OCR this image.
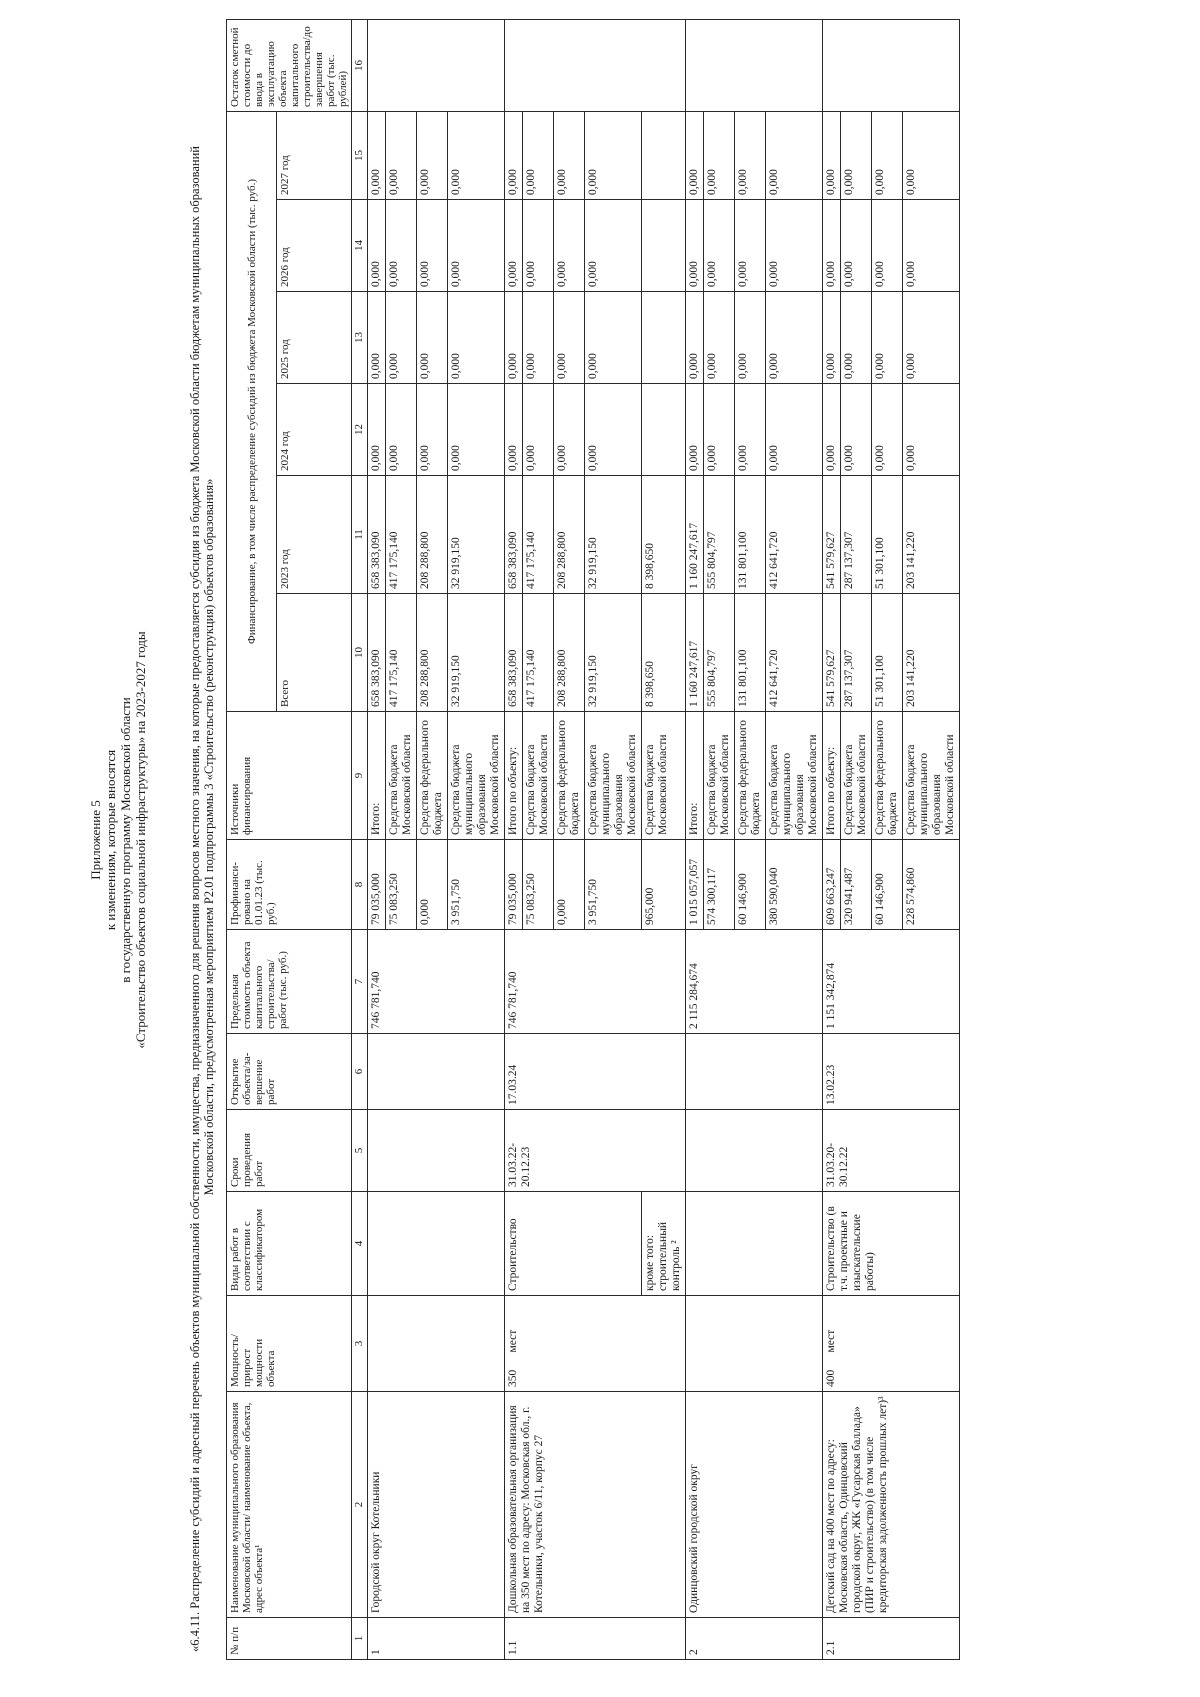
Приложение 5 к изменениям, которые вносятся в государственную программу Московской области «Строительство объектов социальной инфраструктуры» на 2023-2027 годы	«6.4.11. Распределение субсидий и адресный перечень объектов муниципальной собственности, имущества, предназначенного для решения вопросов местного значения, на которые предоставляется субсидия из бюджета Московской области бюджетам муниципальных образований Московской области, предусмотренная мероприятием Р2.01 подпрограммы 3 «Строительство (реконструкция) объектов образования»
№ п/п	Наименование муниципального образования Московской области/ наименование объекта, адрес объекта¹	Мощность/ прирост мощности объекта	Виды работ в соответствии с классификатором	Сроки проведения работ	Открытие объекта/за-вершение работ	Предельная стоимость объекта капитального строительства/ работ (тыс. руб.)	Профинанси-ровано на 01.01.23 (тыс. руб.)	Источники финансирования	Финансирование, в том числе распределение субсидий из бюджета Московской области (тыс. руб.)						Остаток сметной стоимости до ввода в эксплуатацию объекта капитального строительства/до завершения работ (тыс. рублей)
									Всего	2023 год	2024 год	2025 год	2026 год	2027 год	
1	2	3	4	5	6	7	8	9	10	11	12	13	14	15	16
1	Городской округ Котельники					746 781,740	79 035,000	Итого:	658 383,090	658 383,090	0,000	0,000	0,000	0,000	
							75 083,250	Средства бюджета Московской области	417 175,140	417 175,140	0,000	0,000	0,000	0,000	
							0,000	Средства федерального бюджета	208 288,800	208 288,800	0,000	0,000	0,000	0,000	
							3 951,750	Средства бюджета муниципального образования Московской области	32 919,150	32 919,150	0,000	0,000	0,000	0,000	
1.1	Дошкольная образовательная организация на 350 мест по адресу: Московская обл., г. Котельники, участок 6/11, корпус 27	350      мест	Строительство	31.03.22- 20.12.23	17.03.24	746 781,740	79 035,000	Итого по объекту:	658 383,090	658 383,090	0,000	0,000	0,000	0,000	
							75 083,250	Средства бюджета Московской области	417 175,140	417 175,140	0,000	0,000	0,000	0,000	
							0,000	Средства федерального бюджета	208 288,800	208 288,800	0,000	0,000	0,000	0,000	
							3 951,750	Средства бюджета муниципального образования Московской области	32 919,150	32 919,150	0,000	0,000	0,000	0,000	
			кроме того: строительный контроль ²				965,000	Средства бюджета Московской области	8 398,650	8 398,650					
2	Одинцовский городской округ					2 115 284,674	1 015 057,057	Итого:	1 160 247,617	1 160 247,617	0,000	0,000	0,000	0,000	
							574 300,117	Средства бюджета Московской области	555 804,797	555 804,797	0,000	0,000	0,000	0,000	
							60 146,900	Средства федерального бюджета	131 801,100	131 801,100	0,000	0,000	0,000	0,000	
							380 590,040	Средства бюджета муниципального образования Московской области	412 641,720	412 641,720	0,000	0,000	0,000	0,000	
2.1	Детский сад на 400 мест по адресу: Московская область, Одинцовский городской округ, ЖК «Гусарская баллада» (ПИР и строительство) (в том числе кредиторская задолженность прошлых лет)³	400      мест	Строительство (в т.ч. проектные и изыскательские работы)	31.03.20- 30.12.22	13.02.23	1 151 342,874	609 663,247	Итого по объекту:	541 579,627	541 579,627	0,000	0,000	0,000	0,000	
							320 941,487	Средства бюджета Московской области	287 137,307	287 137,307	0,000	0,000	0,000	0,000	
							60 146,900	Средства федерального бюджета	51 301,100	51 301,100	0,000	0,000	0,000	0,000	
							228 574,860	Средства бюджета муниципального образования Московской области	203 141,220	203 141,220	0,000	0,000	0,000	0,000	
